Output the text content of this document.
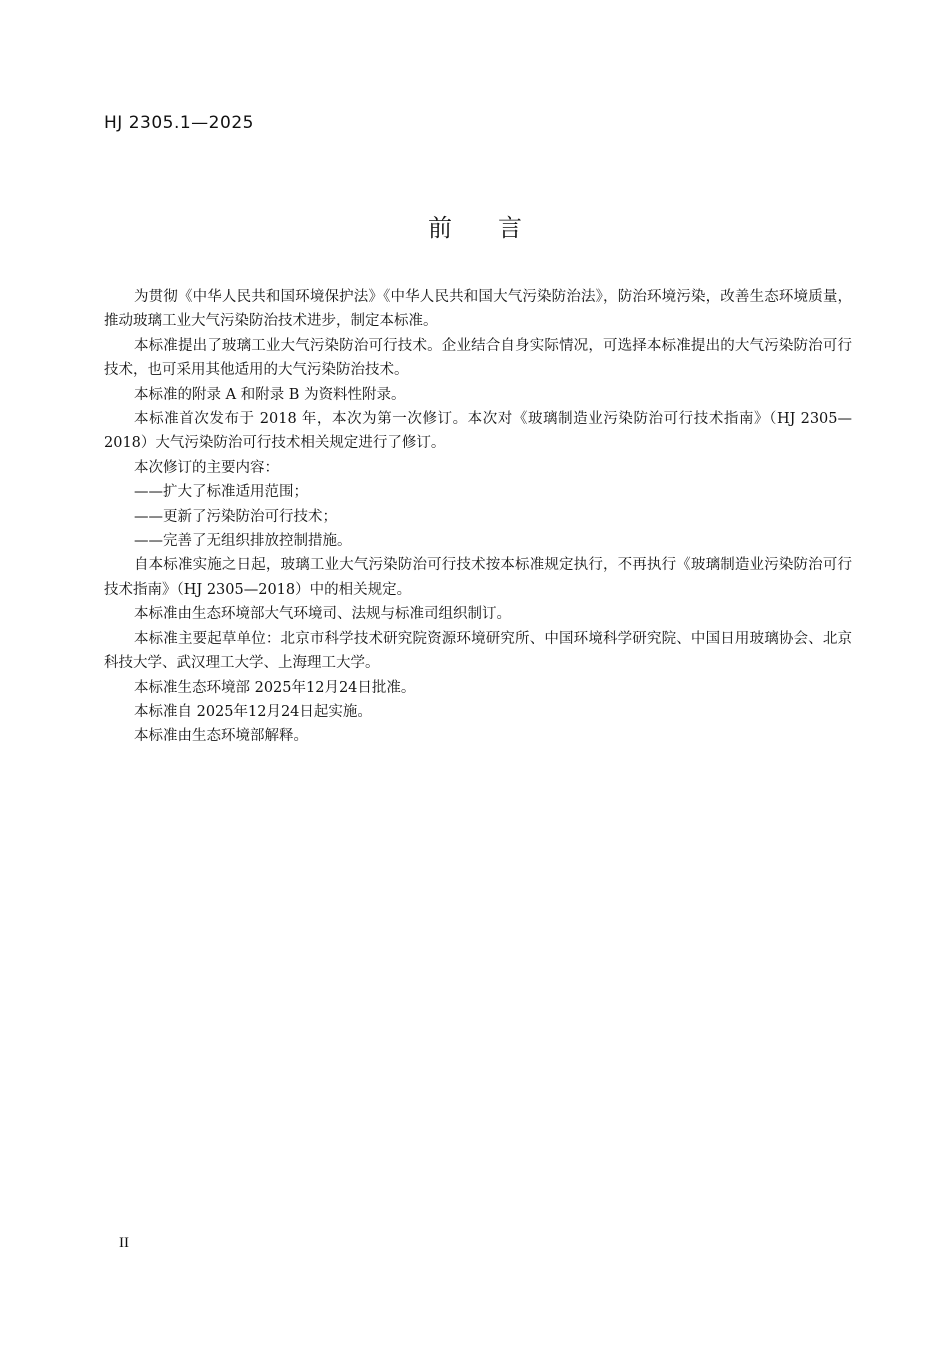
HJ 2305.1—2025
前言

为贯彻《中华人民共和国环境保护法》《中华人民共和国大气污染防治法》，防治环境污染，改善生态环境质量，推动玻璃工业大气污染防治技术进步，制定本标准。

本标准提出了玻璃工业大气污染防治可行技术。企业结合自身实际情况，可选择本标准提出的大气污染防治可行技术，也可采用其他适用的大气污染防治技术。

本标准的附录 A 和附录 B 为资料性附录。

本标准首次发布于 2018 年，本次为第一次修订。本次对《玻璃制造业污染防治可行技术指南》（HJ 2305—2018）大气污染防治可行技术相关规定进行了修订。

本次修订的主要内容：

——扩大了标准适用范围；

——更新了污染防治可行技术；

——完善了无组织排放控制措施。

自本标准实施之日起，玻璃工业大气污染防治可行技术按本标准规定执行，不再执行《玻璃制造业污染防治可行技术指南》（HJ 2305—2018）中的相关规定。

本标准由生态环境部大气环境司、法规与标准司组织制订。

本标准主要起草单位：北京市科学技术研究院资源环境研究所、中国环境科学研究院、中国日用玻璃协会、北京科技大学、武汉理工大学、上海理工大学。

本标准生态环境部 2025年12月24日批准。

本标准自 2025年12月24日起实施。

本标准由生态环境部解释。

II
